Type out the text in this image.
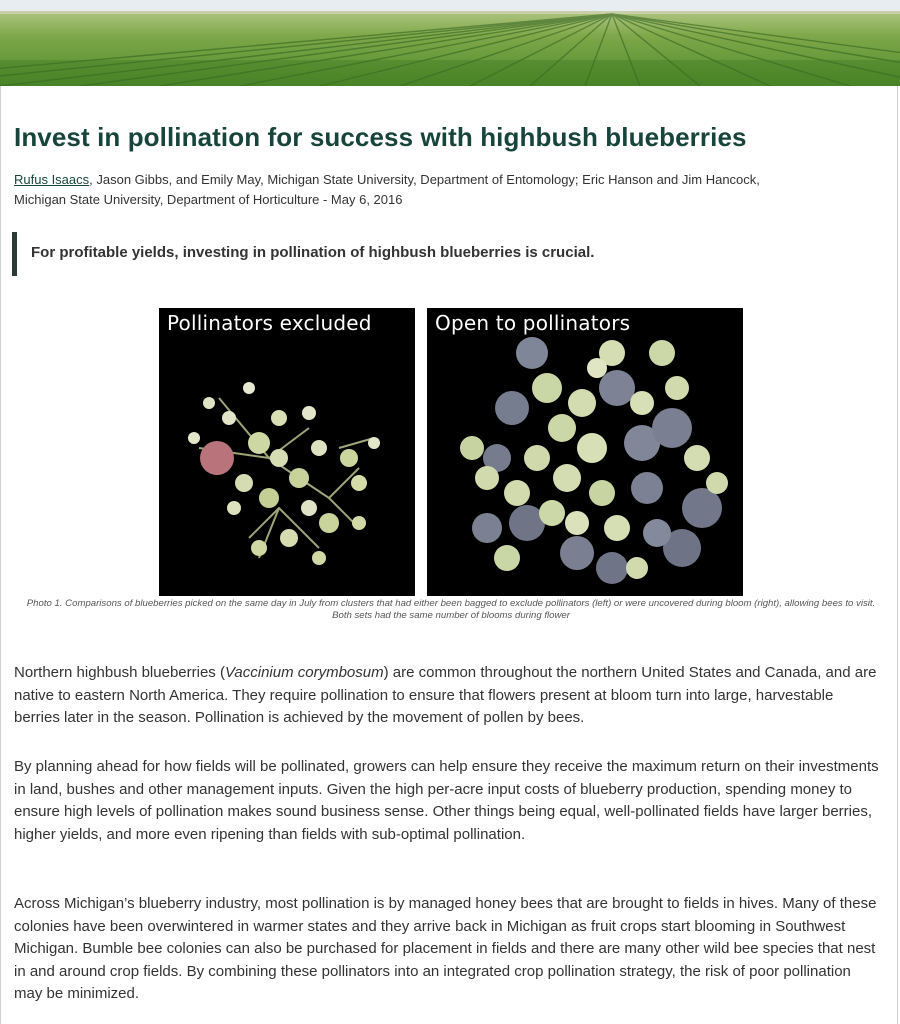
Invest in pollination for success with highbush blueberries
Rufus Isaacs, Jason Gibbs, and Emily May, Michigan State University, Department of Entomology; Eric Hanson and Jim Hancock,
Michigan State University, Department of Horticulture - May 6, 2016
For profitable yields, investing in pollination of highbush blueberries is crucial.
Pollinators excluded	Open to pollinators
Photo 1. Comparisons of blueberries picked on the same day in July from clusters that had either been bagged to exclude pollinators (left) or were uncovered during bloom (right), allowing bees to visit. Both sets had the same number of blooms during flower

Northern highbush blueberries (Vaccinium corymbosum) are common throughout the northern United States and Canada, and are native to eastern North America. They require pollination to ensure that flowers present at bloom turn into large, harvestable berries later in the season. Pollination is achieved by the movement of pollen by bees.

By planning ahead for how fields will be pollinated, growers can help ensure they receive the maximum return on their investments in land, bushes and other management inputs. Given the high per-acre input costs of blueberry production, spending money to ensure high levels of pollination makes sound business sense. Other things being equal, well-pollinated fields have larger berries, higher yields, and more even ripening than fields with sub-optimal pollination.

Across Michigan’s blueberry industry, most pollination is by managed honey bees that are brought to fields in hives. Many of these colonies have been overwintered in warmer states and they arrive back in Michigan as fruit crops start blooming in Southwest Michigan. Bumble bee colonies can also be purchased for placement in fields and there are many other wild bee species that nest in and around crop fields. By combining these pollinators into an integrated crop pollination strategy, the risk of poor pollination may be minimized.
